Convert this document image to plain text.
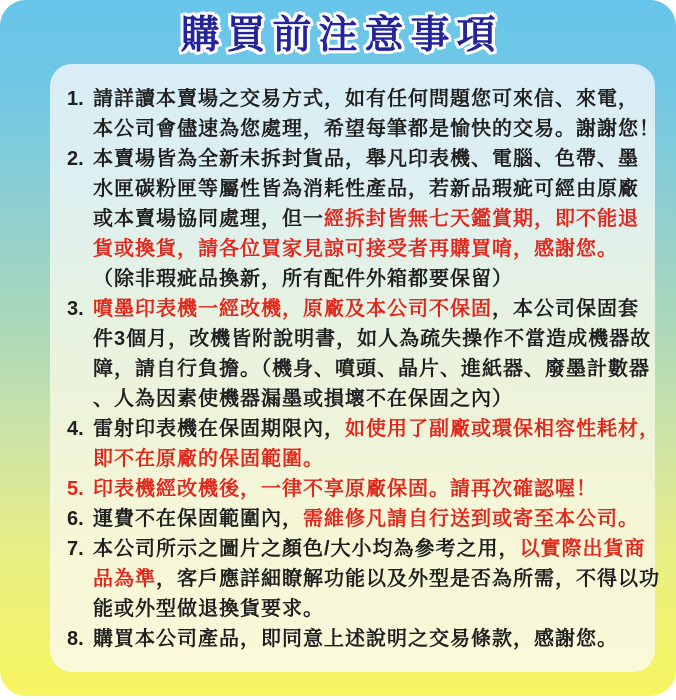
購買前注意事項
1. 請詳讀本賣場之交易方式，如有任何問題您可來信、來電，
本公司會儘速為您處理，希望每筆都是愉快的交易。謝謝您！
2. 本賣場皆為全新未拆封貨品，舉凡印表機、電腦、色帶、墨
水匣碳粉匣等屬性皆為消耗性產品，若新品瑕疵可經由原廠
或本賣場協同處理，但一經拆封皆無七天鑑賞期，即不能退
貨或換貨，請各位買家見諒可接受者再購買唷，感謝您。
（除非瑕疵品換新，所有配件外箱都要保留）
3. 噴墨印表機一經改機，原廠及本公司不保固，本公司保固套
件3個月，改機皆附說明書，如人為疏失操作不當造成機器故
障，請自行負擔。（機身、噴頭、晶片、進紙器、廢墨計數器
、人為因素使機器漏墨或損壞不在保固之內）
4. 雷射印表機在保固期限內，如使用了副廠或環保相容性耗材，
即不在原廠的保固範圍。
5. 印表機經改機後，一律不享原廠保固。請再次確認喔！
6. 運費不在保固範圍內，需維修凡請自行送到或寄至本公司。
7. 本公司所示之圖片之顏色/大小均為參考之用，以實際出貨商
品為準，客戶應詳細瞭解功能以及外型是否為所需，不得以功
能或外型做退換貨要求。
8. 購買本公司產品，即同意上述說明之交易條款，感謝您。
